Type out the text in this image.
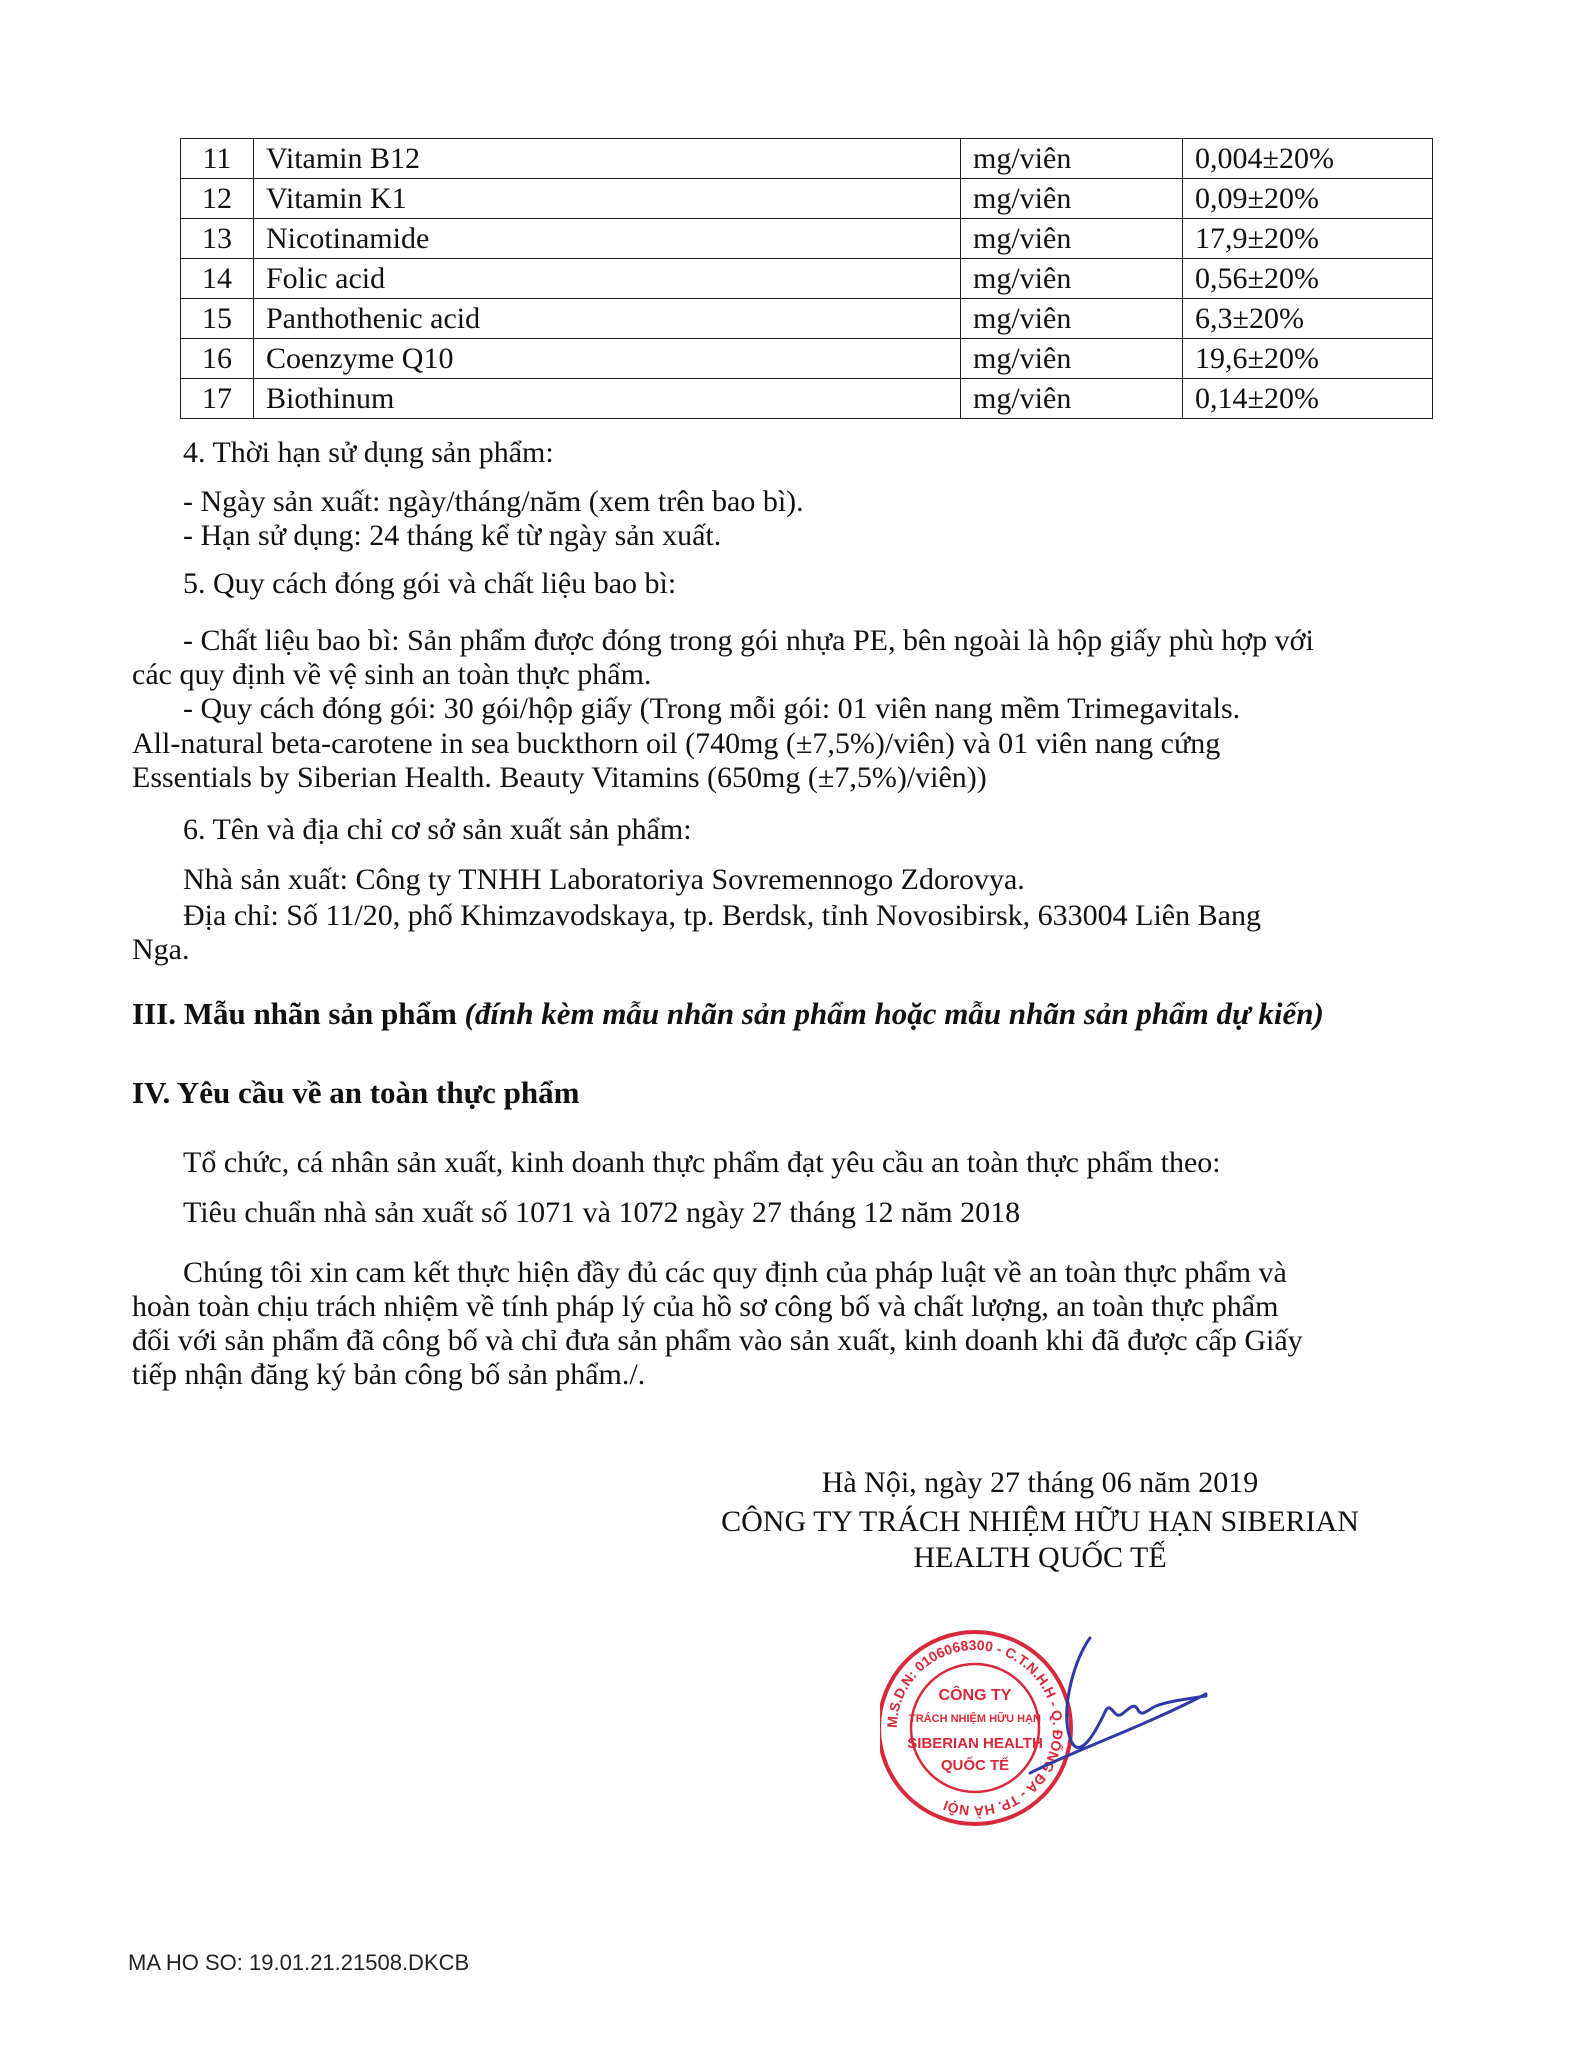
11	Vitamin B12	mg/viên	0,004±20%
12	Vitamin K1	mg/viên	0,09±20%
13	Nicotinamide	mg/viên	17,9±20%
14	Folic acid	mg/viên	0,56±20%
15	Panthothenic acid	mg/viên	6,3±20%
16	Coenzyme Q10	mg/viên	19,6±20%
17	Biothinum	mg/viên	0,14±20%
4. Thời hạn sử dụng sản phẩm:
- Ngày sản xuất: ngày/tháng/năm (xem trên bao bì).
- Hạn sử dụng: 24 tháng kể từ ngày sản xuất.
5. Quy cách đóng gói và chất liệu bao bì:
- Chất liệu bao bì: Sản phẩm được đóng trong gói nhựa PE, bên ngoài là hộp giấy phù hợp với
các quy định về vệ sinh an toàn thực phẩm.
- Quy cách đóng gói: 30 gói/hộp giấy (Trong mỗi gói: 01 viên nang mềm Trimegavitals.
All-natural beta-carotene in sea buckthorn oil (740mg (±7,5%)/viên) và 01 viên nang cứng
Essentials by Siberian Health. Beauty Vitamins (650mg (±7,5%)/viên))
6. Tên và địa chỉ cơ sở sản xuất sản phẩm:
Nhà sản xuất: Công ty TNHH Laboratoriya Sovremennogo Zdorovya.
Địa chỉ: Số 11/20, phố Khimzavodskaya, tp. Berdsk, tỉnh Novosibirsk, 633004 Liên Bang
Nga.
III. Mẫu nhãn sản phẩm (đính kèm mẫu nhãn sản phẩm hoặc mẫu nhãn sản phẩm dự kiến)
IV. Yêu cầu về an toàn thực phẩm
Tổ chức, cá nhân sản xuất, kinh doanh thực phẩm đạt yêu cầu an toàn thực phẩm theo:
Tiêu chuẩn nhà sản xuất số 1071 và 1072 ngày 27 tháng 12 năm 2018
Chúng tôi xin cam kết thực hiện đầy đủ các quy định của pháp luật về an toàn thực phẩm và
hoàn toàn chịu trách nhiệm về tính pháp lý của hồ sơ công bố và chất lượng, an toàn thực phẩm
đối với sản phẩm đã công bố và chỉ đưa sản phẩm vào sản xuất, kinh doanh khi đã được cấp Giấy
tiếp nhận đăng ký bản công bố sản phẩm./.
Hà Nội, ngày 27 tháng 06 năm 2019
CÔNG TY TRÁCH NHIỆM HỮU HẠN SIBERIAN
HEALTH QUỐC TẾ
M.S.D.N: 0106068300 - C.T.N.H.H - Q. ĐỐNG ĐA - TP. HÀ NỘI
CÔNG TY
TRÁCH NHIỆM HỮU HẠN
SIBERIAN HEALTH
QUỐC TẾ
MA HO SO: 19.01.21.21508.DKCB
